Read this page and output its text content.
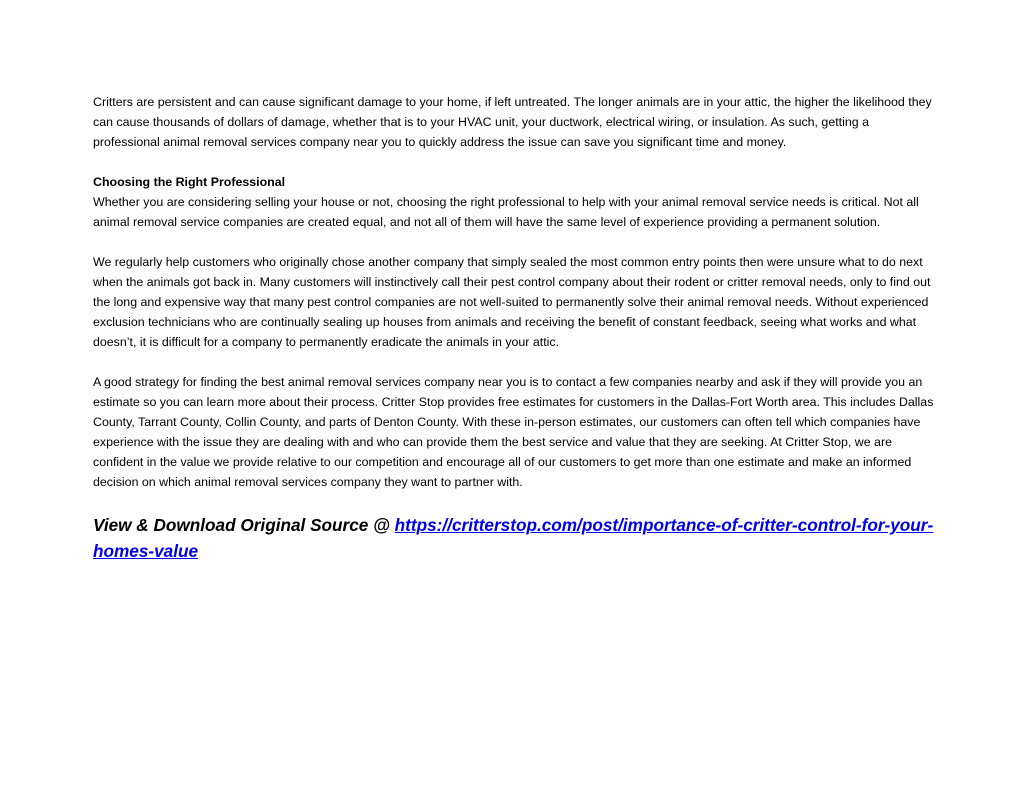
Critters are persistent and can cause significant damage to your home, if left untreated. The longer animals are in your attic, the higher the likelihood they can cause thousands of dollars of damage, whether that is to your HVAC unit, your ductwork, electrical wiring, or insulation. As such, getting a professional animal removal services company near you to quickly address the issue can save you significant time and money.

Choosing the Right Professional
Whether you are considering selling your house or not, choosing the right professional to help with your animal removal service needs is critical. Not all animal removal service companies are created equal, and not all of them will have the same level of experience providing a permanent solution.

We regularly help customers who originally chose another company that simply sealed the most common entry points then were unsure what to do next when the animals got back in. Many customers will instinctively call their pest control company about their rodent or critter removal needs, only to find out the long and expensive way that many pest control companies are not well-suited to permanently solve their animal removal needs. Without experienced exclusion technicians who are continually sealing up houses from animals and receiving the benefit of constant feedback, seeing what works and what doesn’t, it is difficult for a company to permanently eradicate the animals in your attic.

A good strategy for finding the best animal removal services company near you is to contact a few companies nearby and ask if they will provide you an estimate so you can learn more about their process. Critter Stop provides free estimates for customers in the Dallas-Fort Worth area. This includes Dallas County, Tarrant County, Collin County, and parts of Denton County. With these in-person estimates, our customers can often tell which companies have experience with the issue they are dealing with and who can provide them the best service and value that they are seeking. At Critter Stop, we are confident in the value we provide relative to our competition and encourage all of our customers to get more than one estimate and make an informed decision on which animal removal services company they want to partner with.

View & Download Original Source @ https://critterstop.com/post/importance-of-critter-control-for-your-homes-value
